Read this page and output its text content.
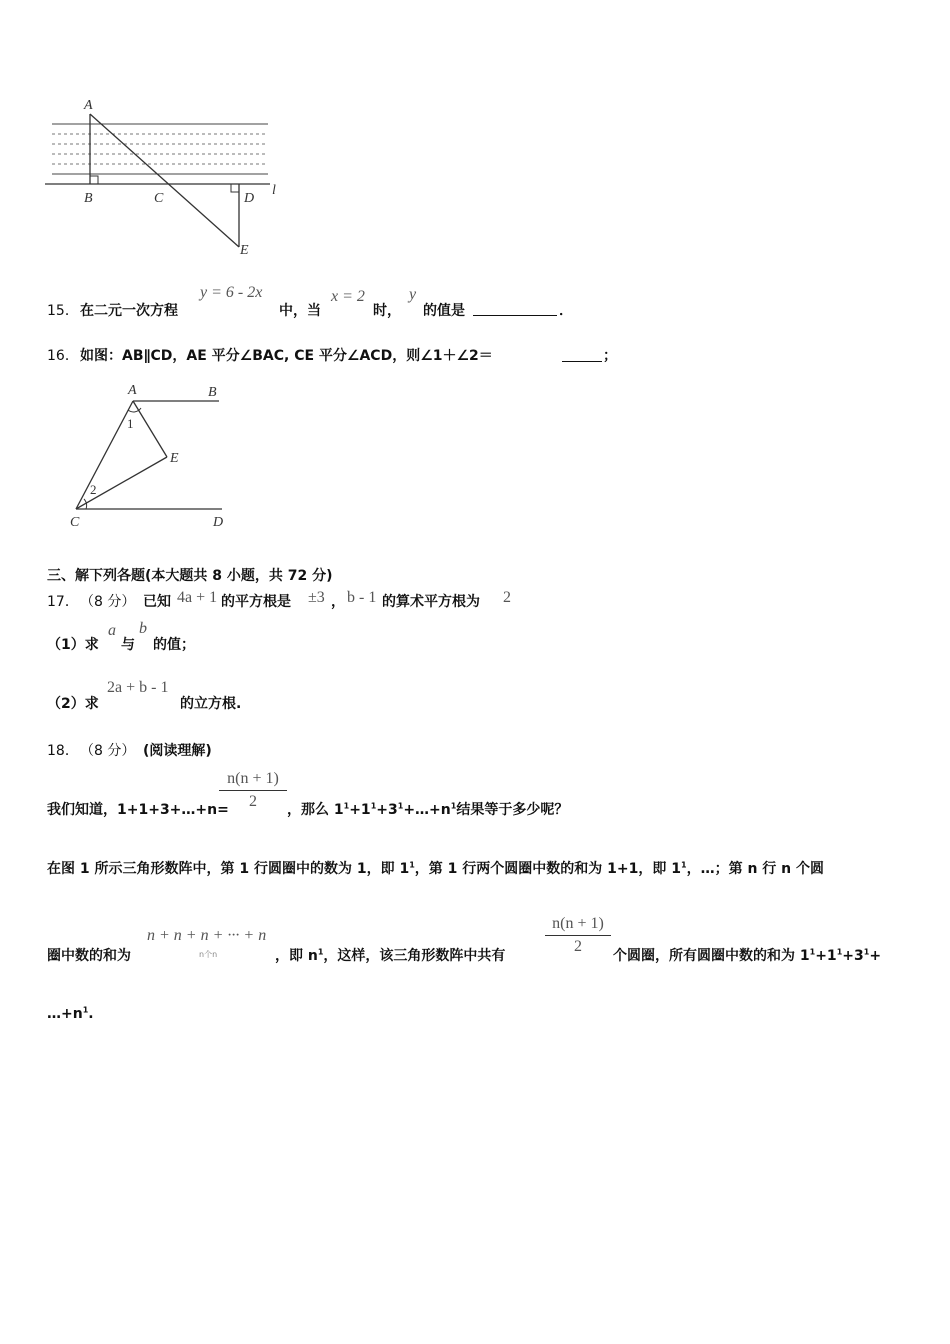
A
B	C	D
E
l
15． 在二元一次方程
y = 6 - 2x
中，当
x = 2
时，
y
的值是	．
16． 如图：AB∥CD，AE 平分∠BAC, CE 平分∠ACD，则∠1＋∠2＝	；
A	B
E
C	D
1
2
三、解下列各题(本大题共 8 小题，共 72 分)
17． （8 分） 已知 4a + 1 的平方根是 ±3 ， b - 1 的算术平方根为 2
（1）求
a
与
b
的值；
（2）求
2a + b - 1
的立方根.
18． （8 分） (阅读理解)
我们知道，1+1+3+…+n=
n(n + 1)
2	，那么 $1^1+1^1+3^1+\dots+n^1$结果等于多少呢？
在图 1 所示三角形数阵中，第 1 行圆圈中的数为 1，即 $1^1$，第 1 行两个圆圈中数的和为 1+1，即 $1^1$，…；第 n 行 n 个圆
圈中数的和为
n + n + n + ··· + n
n个n	，即 $n^1$，这样，该三角形数阵中共有
n(n + 1)
2
个圆圈，所有圆圈中数的和为 $1^1+1^1+3^1+$
$\dots+n^1$.
